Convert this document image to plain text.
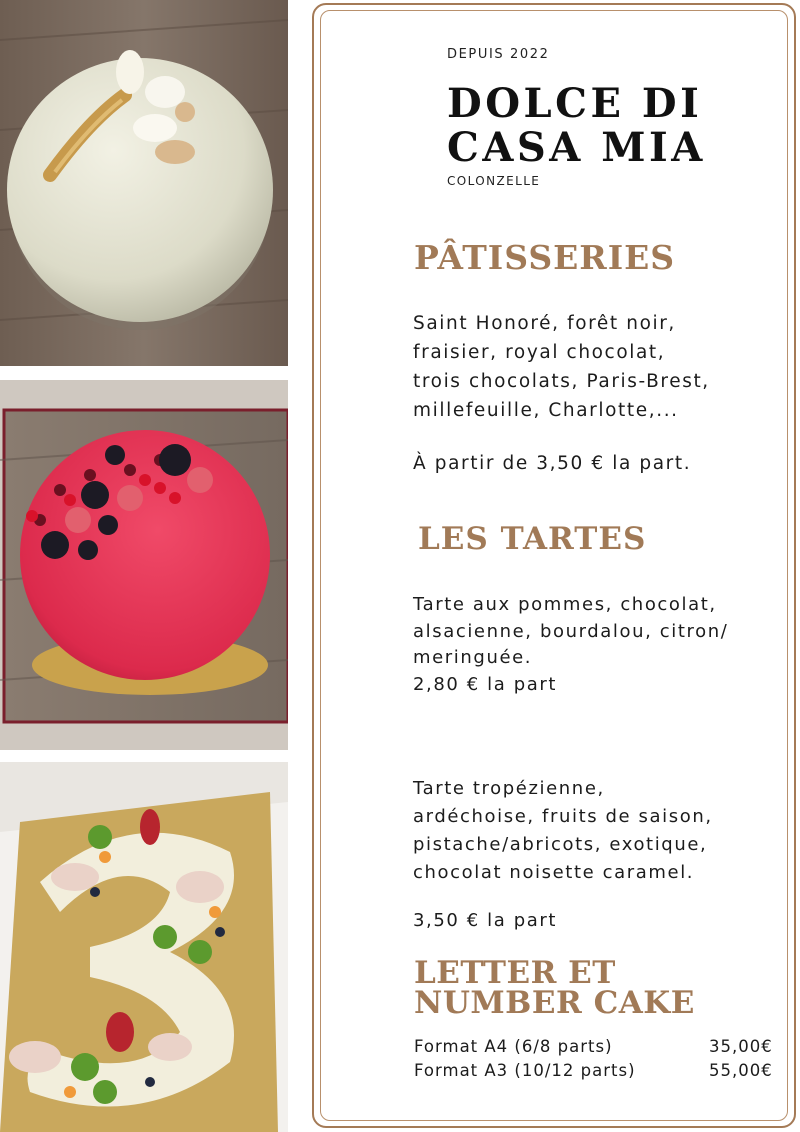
DEPUIS 2022

DOLCE DI
CASA MIA

COLONZELLE

PÂTISSERIES

Saint Honoré, forêt noir,
fraisier, royal chocolat,
trois chocolats, Paris-Brest,
millefeuille, Charlotte,...

À partir de 3,50 € la part.

LES TARTES

Tarte aux pommes, chocolat,
alsacienne, bourdalou, citron/
meringuée.
2,80 € la part

Tarte tropézienne,
ardéchoise, fruits de saison,
pistache/abricots, exotique,
chocolat noisette caramel.

3,50 € la part

LETTER ET
NUMBER CAKE

Format A4 (6/8 parts)	35,00€

Format A3 (10/12 parts)	55,00€
